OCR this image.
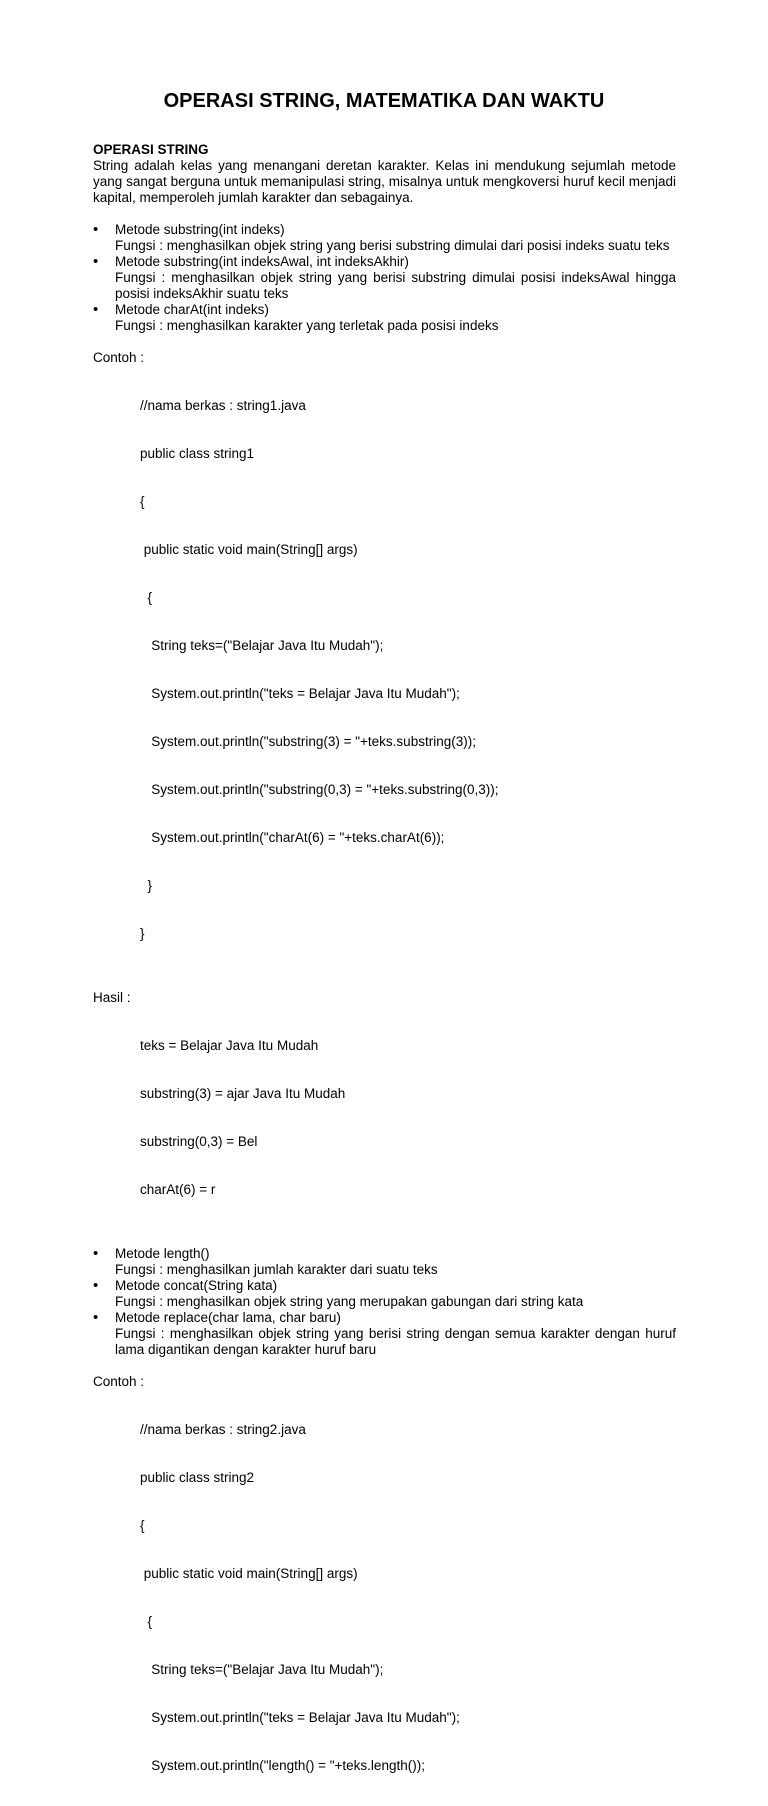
OPERASI STRING, MATEMATIKA DAN WAKTU

OPERASI STRING

String adalah kelas yang menangani deretan karakter. Kelas ini mendukung sejumlah metode yang sangat berguna untuk memanipulasi string, misalnya untuk mengkoversi huruf kecil menjadi kapital, memperoleh jumlah karakter dan sebagainya.

•
Metode substring(int indeks)
Fungsi : menghasilkan objek string yang berisi substring dimulai dari posisi indeks suatu teks
•
Metode substring(int indeksAwal, int indeksAkhir)
Fungsi : menghasilkan objek string yang berisi substring dimulai posisi indeksAwal hingga posisi indeksAkhir suatu teks
•
Metode charAt(int indeks)
Fungsi : menghasilkan karakter yang terletak pada posisi indeks

Contoh :

//nama berkas : string1.java

public class string1

{

public static void main(String[] args)

{

String teks=("Belajar Java Itu Mudah");

System.out.println("teks = Belajar Java Itu Mudah");

System.out.println("substring(3) = "+teks.substring(3));

System.out.println("substring(0,3) = "+teks.substring(0,3));

System.out.println("charAt(6) = "+teks.charAt(6));

}

}

Hasil :

teks = Belajar Java Itu Mudah

substring(3) = ajar Java Itu Mudah

substring(0,3) = Bel

charAt(6) = r

•
Metode length()
Fungsi : menghasilkan jumlah karakter dari suatu teks
•
Metode concat(String kata)
Fungsi : menghasilkan objek string yang merupakan gabungan dari string kata
•
Metode replace(char lama, char baru)
Fungsi : menghasilkan objek string yang berisi string dengan semua karakter dengan huruf lama digantikan dengan karakter huruf baru

Contoh :

//nama berkas : string2.java

public class string2

{

public static void main(String[] args)

{

String teks=("Belajar Java Itu Mudah");

System.out.println("teks = Belajar Java Itu Mudah");

System.out.println("length() = "+teks.length());
